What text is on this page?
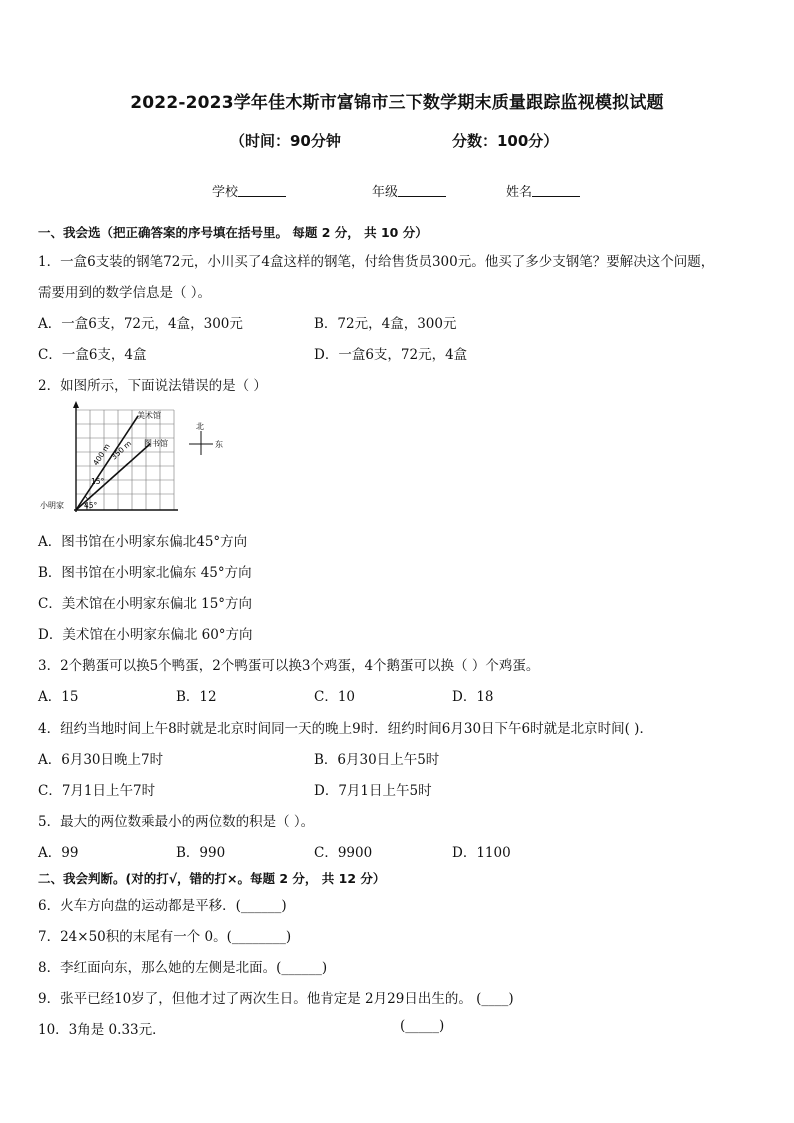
2022-2023学年佳木斯市富锦市三下数学期末质量跟踪监视模拟试题
（时间：90分钟	分数：100分）
学校	年级	姓名
一、我会选（把正确答案的序号填在括号里。 每题 2 分， 共 10 分）
1．一盒6支装的钢笔72元，小川买了4盒这样的钢笔，付给售货员300元。他买了多少支钢笔？要解决这个问题，
需要用到的数学信息是（ ）。
A．一盒6支，72元，4盒，300元	B．72元，4盒，300元
C．一盒6支，4盒	D．一盒6支，72元，4盒
2．如图所示，下面说法错误的是（ ）
美术馆
图书馆
小明家
400 m
350 m
15°
45°
北
东
A．图书馆在小明家东偏北45°方向
B．图书馆在小明家北偏东 45°方向
C．美术馆在小明家东偏北 15°方向
D．美术馆在小明家东偏北 60°方向
3．2个鹅蛋可以换5个鸭蛋，2个鸭蛋可以换3个鸡蛋，4个鹅蛋可以换（ ）个鸡蛋。
A．15	B．12	C．10	D．18
4．纽约当地时间上午8时就是北京时间同一天的晚上9时．纽约时间6月30日下午6时就是北京时间( )．
A．6月30日晚上7时	B．6月30日上午5时
C．7月1日上午7时	D．7月1日上午5时
5．最大的两位数乘最小的两位数的积是（ ）。
A．99	B．990	C．9900	D．1100
二、我会判断。(对的打√，错的打×。每题 2 分， 共 12 分）
6．火车方向盘的运动都是平移．(______)
7．24×50积的末尾有一个 0。(________)
8．李红面向东，那么她的左侧是北面。(______)
9．张平已经10岁了，但他才过了两次生日。他肯定是 2月29日出生的。 (____)
10．3角是 0.33元．	(_____)
